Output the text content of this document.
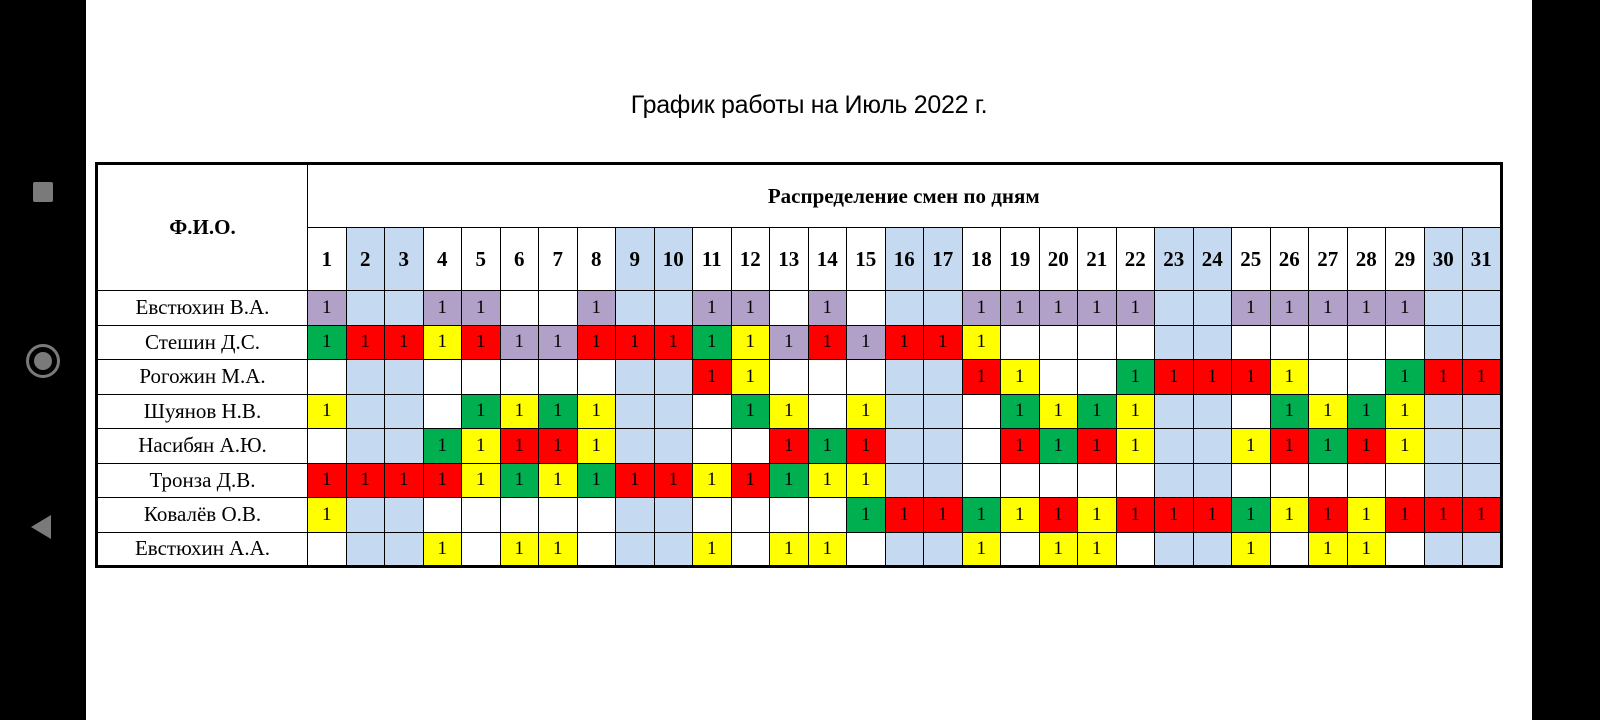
График работы на Июль 2022 г.
Ф.И.О.	Распределение смен по дням																														
	1	2	3	4	5	6	7	8	9	10	11	12	13	14	15	16	17	18	19	20	21	22	23	24	25	26	27	28	29	30	31
Евстюхин В.А.	1			1	1			1			1	1		1				1	1	1	1	1			1	1	1	1	1		
Стешин Д.С.	1	1	1	1	1	1	1	1	1	1	1	1	1	1	1	1	1	1													
Рогожин М.А.											1	1						1	1			1	1	1	1	1			1	1	1
Шуянов Н.В.	1				1	1	1	1				1	1		1				1	1	1	1				1	1	1	1		
Насибян А.Ю.				1	1	1	1	1					1	1	1				1	1	1	1			1	1	1	1	1		
Тронза Д.В.	1	1	1	1	1	1	1	1	1	1	1	1	1	1	1																
Ковалёв О.В.	1														1	1	1	1	1	1	1	1	1	1	1	1	1	1	1	1	1
Евстюхин А.А.				1		1	1				1		1	1				1		1	1				1		1	1			
